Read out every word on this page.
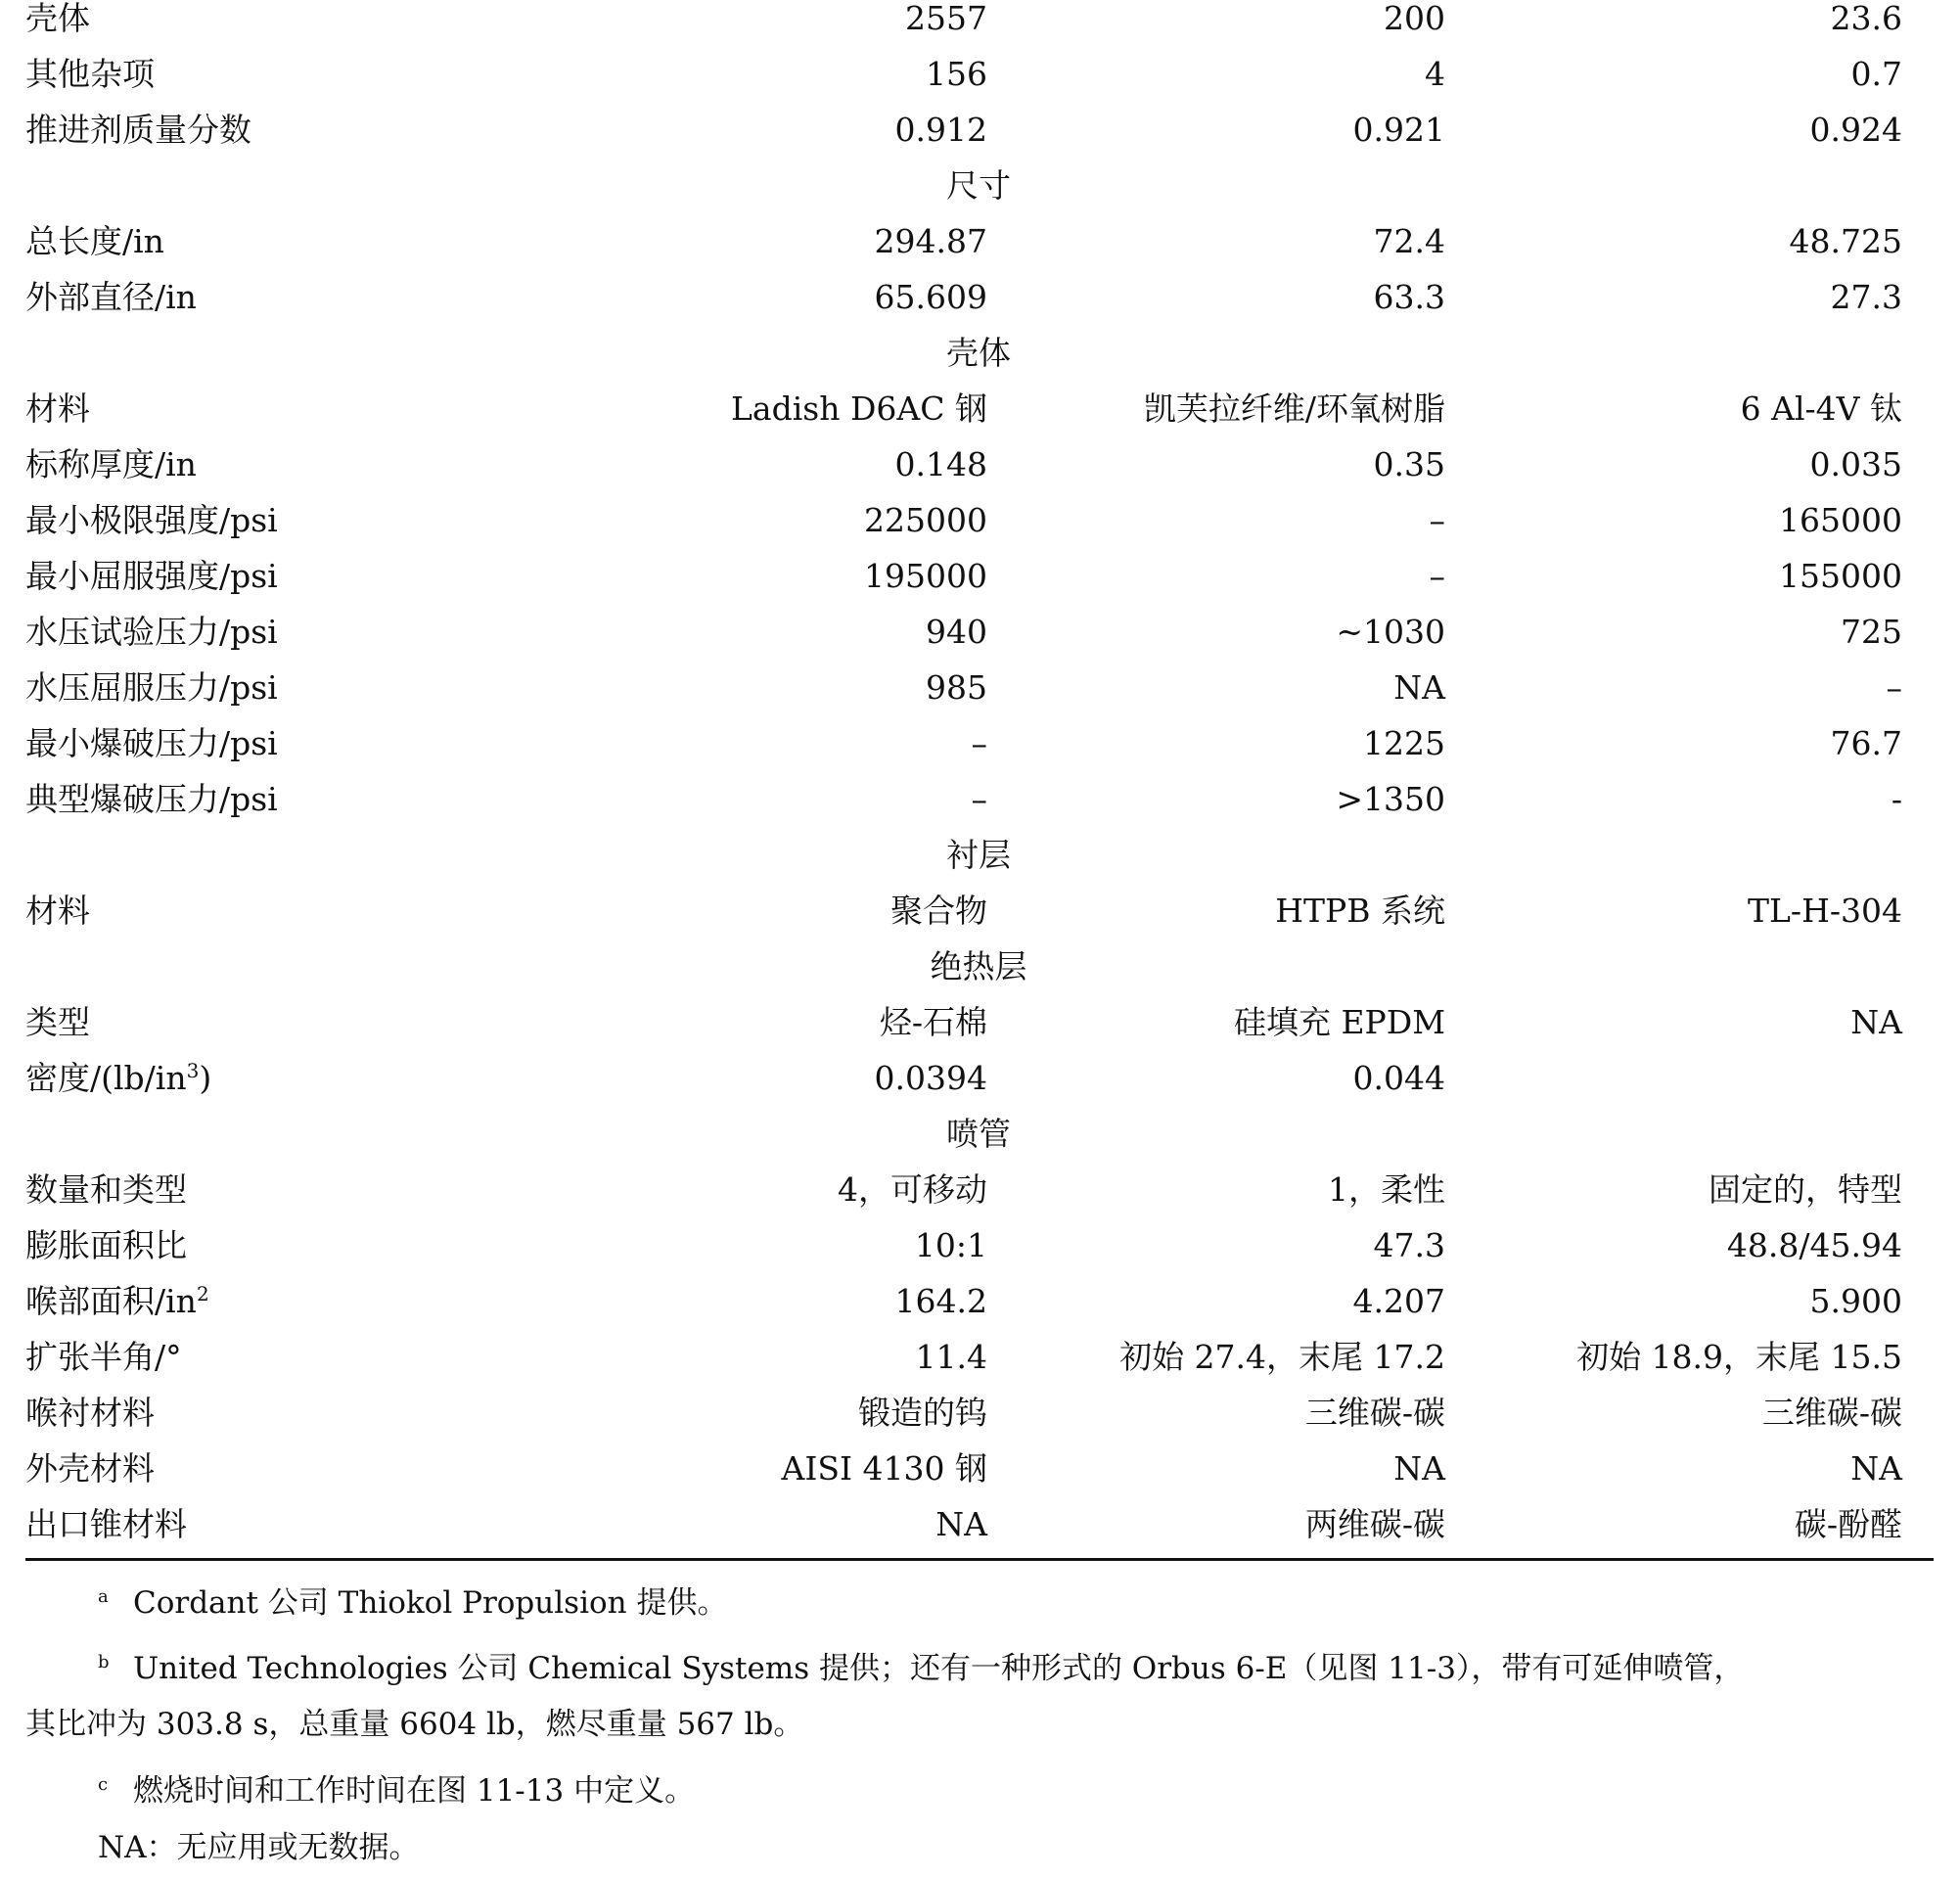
壳体	2557	200	23.6
其他杂项	156	4	0.7
推进剂质量分数	0.912	0.921	0.924
尺寸
总长度/in	294.87	72.4	48.725
外部直径/in	65.609	63.3	27.3
壳体
材料	Ladish D6AC 钢	凯芙拉纤维/环氧树脂	6 Al-4V 钛
标称厚度/in	0.148	0.35	0.035
最小极限强度/psi	225000	–	165000
最小屈服强度/psi	195000	–	155000
水压试验压力/psi	940	~1030	725
水压屈服压力/psi	985	NA	–
最小爆破压力/psi	–	1225	76.7
典型爆破压力/psi	–	>1350	-
衬层
材料	聚合物	HTPB 系统	TL-H-304
绝热层
类型	烃-石棉	硅填充 EPDM	NA
密度$/(lb/in^3)$	0.0394	0.044
喷管
数量和类型	4，可移动	1，柔性	固定的，特型
膨胀面积比	10:1	47.3	48.8/45.94
喉部面积$/in^2$	164.2	4.207	5.900
扩张半角/°	11.4	初始 27.4，末尾 17.2	初始 18.9，末尾 15.5
喉衬材料	锻造的钨	三维碳-碳	三维碳-碳
外壳材料	AISI 4130 钢	NA	NA
出口锥材料	NA	两维碳-碳	碳-酚醛
a Cordant 公司 Thiokol Propulsion 提供。
b United Technologies 公司 Chemical Systems 提供；还有一种形式的 Orbus 6-E（见图 11-3），带有可延伸喷管，
其比冲为 303.8 s，总重量 6604 lb，燃尽重量 567 lb。
c 燃烧时间和工作时间在图 11-13 中定义。
NA：无应用或无数据。
